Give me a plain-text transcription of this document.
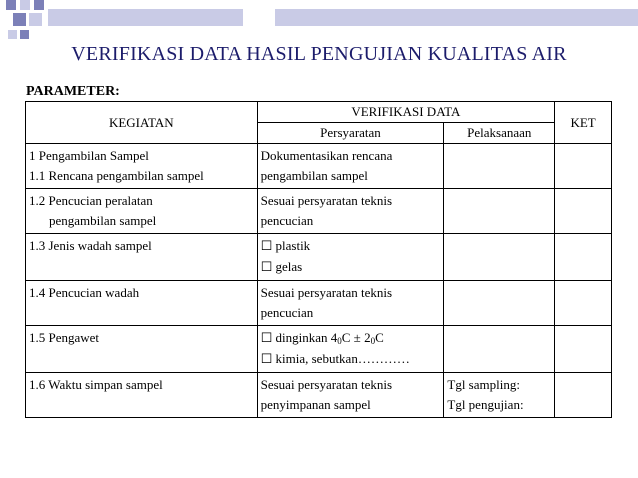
VERIFIKASI DATA HASIL PENGUJIAN KUALITAS AIR
PARAMETER:
KEGIATAN	VERIFIKASI DATA		KET
	Persyaratan	Pelaksanaan	

1 Pengambilan Sampel
1.1 Rencana pengambilan sampel	Dokumentasikan rencana
pengambilan sampel		

1.2 Pencucian peralatan
pengambilan sampel	Sesuai persyaratan teknis
pencucian		

1.3 Jenis wadah sampel	☐ plastik
☐ gelas		

1.4 Pencucian wadah	Sesuai persyaratan teknis
pencucian		

1.5 Pengawet	☐ dinginkan $4^0C \pm 2^0C$
☐ kimia, sebutkan…………		

1.6 Waktu simpan sampel	Sesuai persyaratan teknis
penyimpanan sampel	Tgl sampling:
Tgl pengujian:	
